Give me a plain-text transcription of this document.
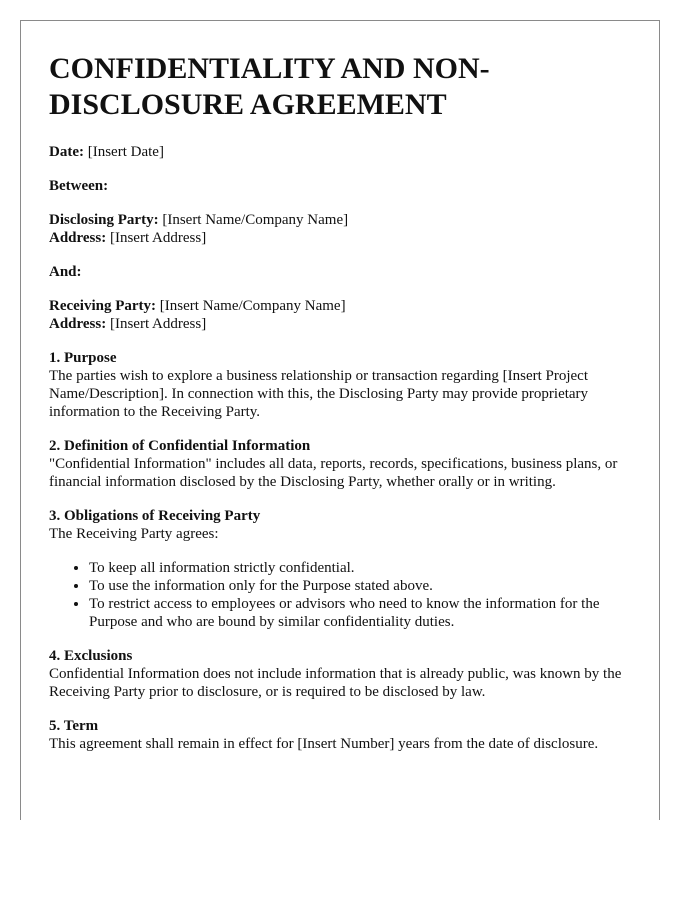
CONFIDENTIALITY AND NON-DISCLOSURE AGREEMENT

Date: [Insert Date]

Between:

Disclosing Party: [Insert Name/Company Name]
Address: [Insert Address]

And:

Receiving Party: [Insert Name/Company Name]
Address: [Insert Address]

1. Purpose
The parties wish to explore a business relationship or transaction regarding [Insert Project Name/Description]. In connection with this, the Disclosing Party may provide proprietary information to the Receiving Party.
2. Definition of Confidential Information
"Confidential Information" includes all data, reports, records, specifications, business plans, or financial information disclosed by the Disclosing Party, whether orally or in writing.
3. Obligations of Receiving Party
The Receiving Party agrees:
• To keep all information strictly confidential.
• To use the information only for the Purpose stated above.
• To restrict access to employees or advisors who need to know the information for the Purpose and who are bound by similar confidentiality duties.
4. Exclusions
Confidential Information does not include information that is already public, was known by the Receiving Party prior to disclosure, or is required to be disclosed by law.
5. Term
This agreement shall remain in effect for [Insert Number] years from the date of disclosure.
